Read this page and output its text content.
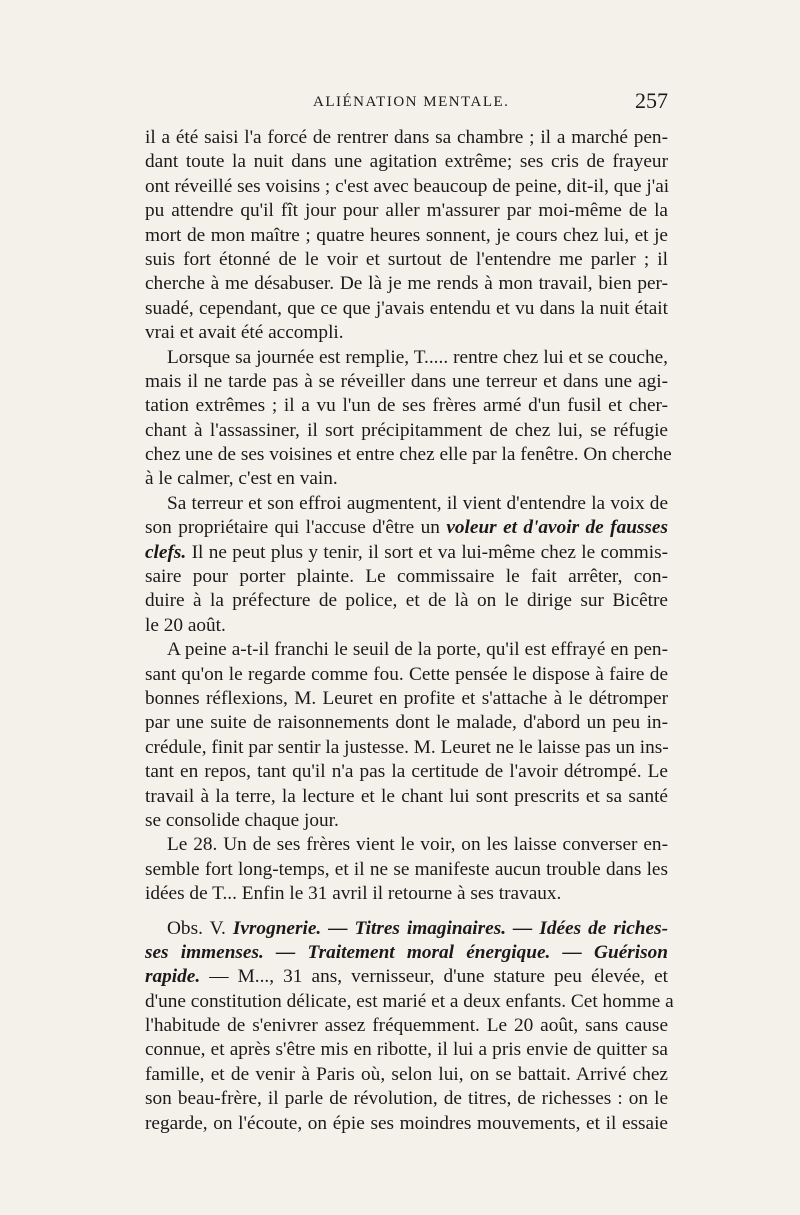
ALIÉNATION MENTALE.	257
il a été saisi l'a forcé de rentrer dans sa chambre ; il a marché pen-
dant toute la nuit dans une agitation extrême; ses cris de frayeur
ont réveillé ses voisins ; c'est avec beaucoup de peine, dit-il, que j'ai
pu attendre qu'il fît jour pour aller m'assurer par moi-même de la
mort de mon maître ; quatre heures sonnent, je cours chez lui, et je
suis fort étonné de le voir et surtout de l'entendre me parler ; il
cherche à me désabuser. De là je me rends à mon travail, bien per-
suadé, cependant, que ce que j'avais entendu et vu dans la nuit était
vrai et avait été accompli.
Lorsque sa journée est remplie, T..... rentre chez lui et se couche,
mais il ne tarde pas à se réveiller dans une terreur et dans une agi-
tation extrêmes ; il a vu l'un de ses frères armé d'un fusil et cher-
chant à l'assassiner, il sort précipitamment de chez lui, se réfugie
chez une de ses voisines et entre chez elle par la fenêtre. On cherche
à le calmer, c'est en vain.
Sa terreur et son effroi augmentent, il vient d'entendre la voix de
son propriétaire qui l'accuse d'être un voleur et d'avoir de fausses
clefs. Il ne peut plus y tenir, il sort et va lui-même chez le commis-
saire pour porter plainte. Le commissaire le fait arrêter, con-
duire à la préfecture de police, et de là on le dirige sur Bicêtre
le 20 août.
A peine a-t-il franchi le seuil de la porte, qu'il est effrayé en pen-
sant qu'on le regarde comme fou. Cette pensée le dispose à faire de
bonnes réflexions, M. Leuret en profite et s'attache à le détromper
par une suite de raisonnements dont le malade, d'abord un peu in-
crédule, finit par sentir la justesse. M. Leuret ne le laisse pas un ins-
tant en repos, tant qu'il n'a pas la certitude de l'avoir détrompé. Le
travail à la terre, la lecture et le chant lui sont prescrits et sa santé
se consolide chaque jour.
Le 28. Un de ses frères vient le voir, on les laisse converser en-
semble fort long-temps, et il ne se manifeste aucun trouble dans les
idées de T... Enfin le 31 avril il retourne à ses travaux.
Obs. V. Ivrognerie. — Titres imaginaires. — Idées de riches-
ses immenses. — Traitement moral énergique. — Guérison
rapide. — M..., 31 ans, vernisseur, d'une stature peu élevée, et
d'une constitution délicate, est marié et a deux enfants. Cet homme a
l'habitude de s'enivrer assez fréquemment. Le 20 août, sans cause
connue, et après s'être mis en ribotte, il lui a pris envie de quitter sa
famille, et de venir à Paris où, selon lui, on se battait. Arrivé chez
son beau-frère, il parle de révolution, de titres, de richesses : on le
regarde, on l'écoute, on épie ses moindres mouvements, et il essaie
